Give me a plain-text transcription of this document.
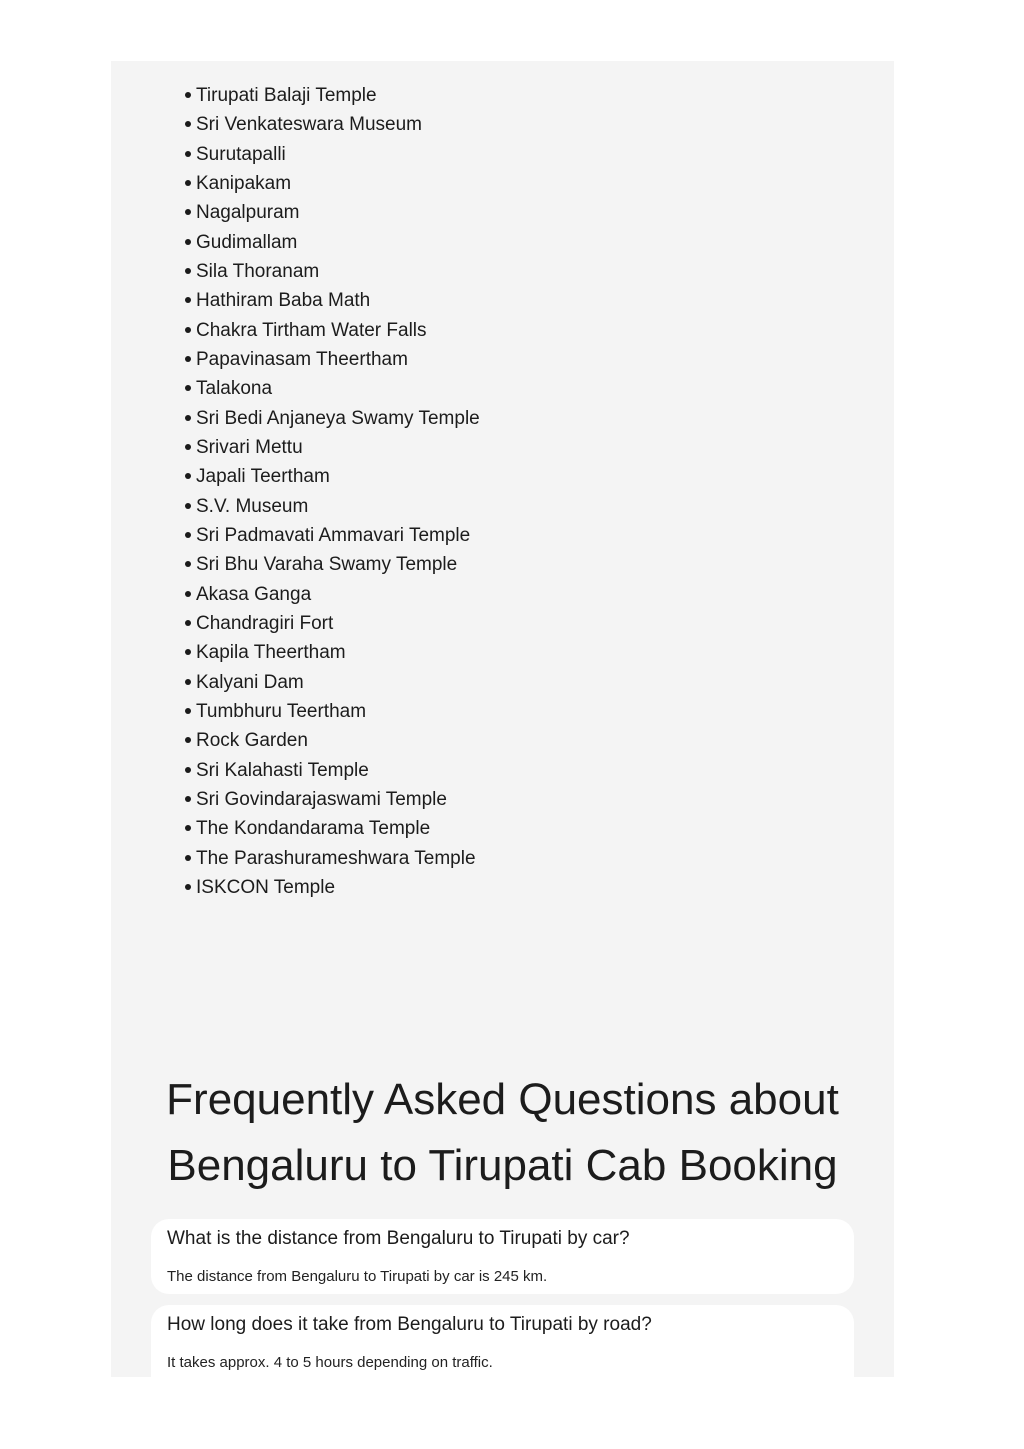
Tirupati Balaji Temple
Sri Venkateswara Museum
Surutapalli
Kanipakam
Nagalpuram
Gudimallam
Sila Thoranam
Hathiram Baba Math
Chakra Tirtham Water Falls
Papavinasam Theertham
Talakona
Sri Bedi Anjaneya Swamy Temple
Srivari Mettu
Japali Teertham
S.V. Museum
Sri Padmavati Ammavari Temple
Sri Bhu Varaha Swamy Temple
Akasa Ganga
Chandragiri Fort
Kapila Theertham
Kalyani Dam
Tumbhuru Teertham
Rock Garden
Sri Kalahasti Temple
Sri Govindarajaswami Temple
The Kondandarama Temple
The Parashurameshwara Temple
ISKCON Temple
Frequently Asked Questions about
Bengaluru to Tirupati Cab Booking
What is the distance from Bengaluru to Tirupati by car?
The distance from Bengaluru to Tirupati by car is 245 km.
How long does it take from Bengaluru to Tirupati by road?
It takes approx. 4 to 5 hours depending on traffic.
